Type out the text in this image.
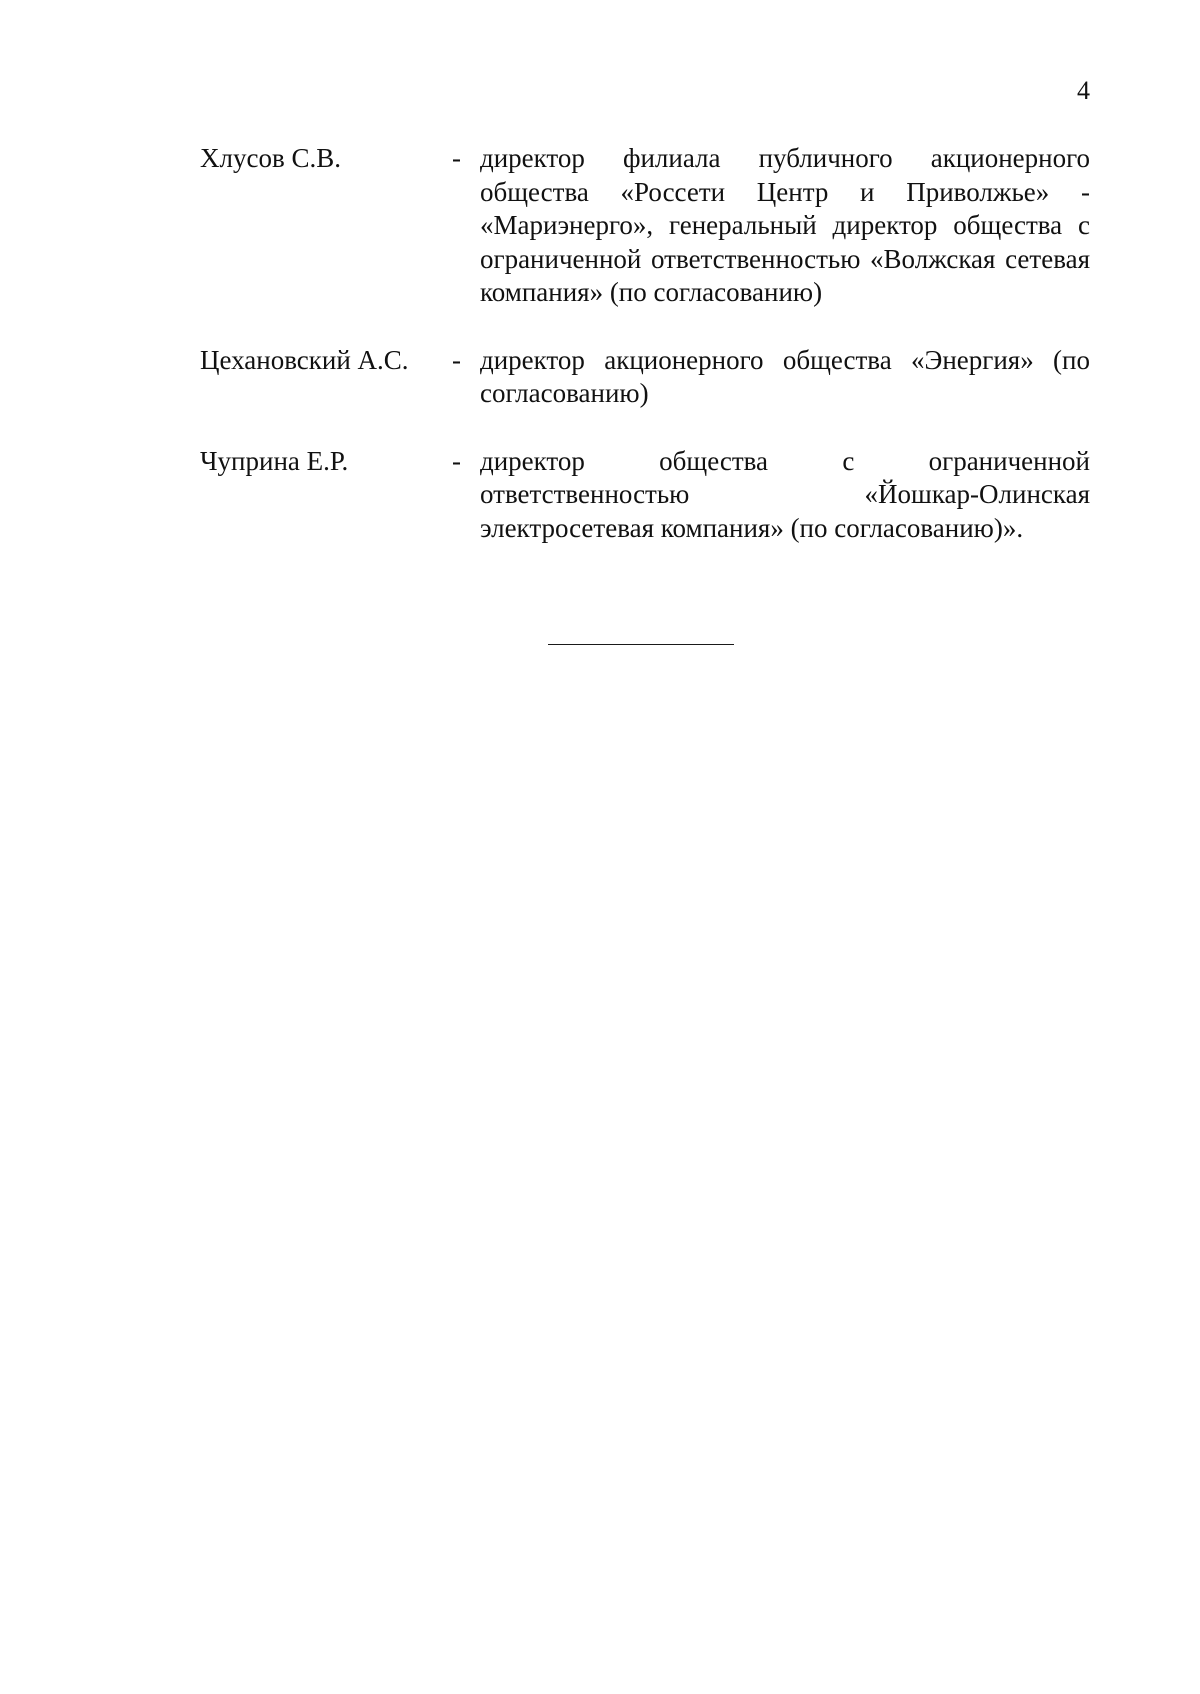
4
Хлусов С.В.	- директор филиала публичного акционерного общества «Россети Центр и Приволжье» - «Мариэнерго», генеральный директор общества с ограниченной ответственностью «Волжская сетевая компания» (по согласованию)
Цехановский А.С.	- директор акционерного общества «Энергия» (по согласованию)
Чуприна Е.Р.	- директор общества с ограниченной ответственностью «Йошкар-Олинская электросетевая компания» (по согласованию)».
